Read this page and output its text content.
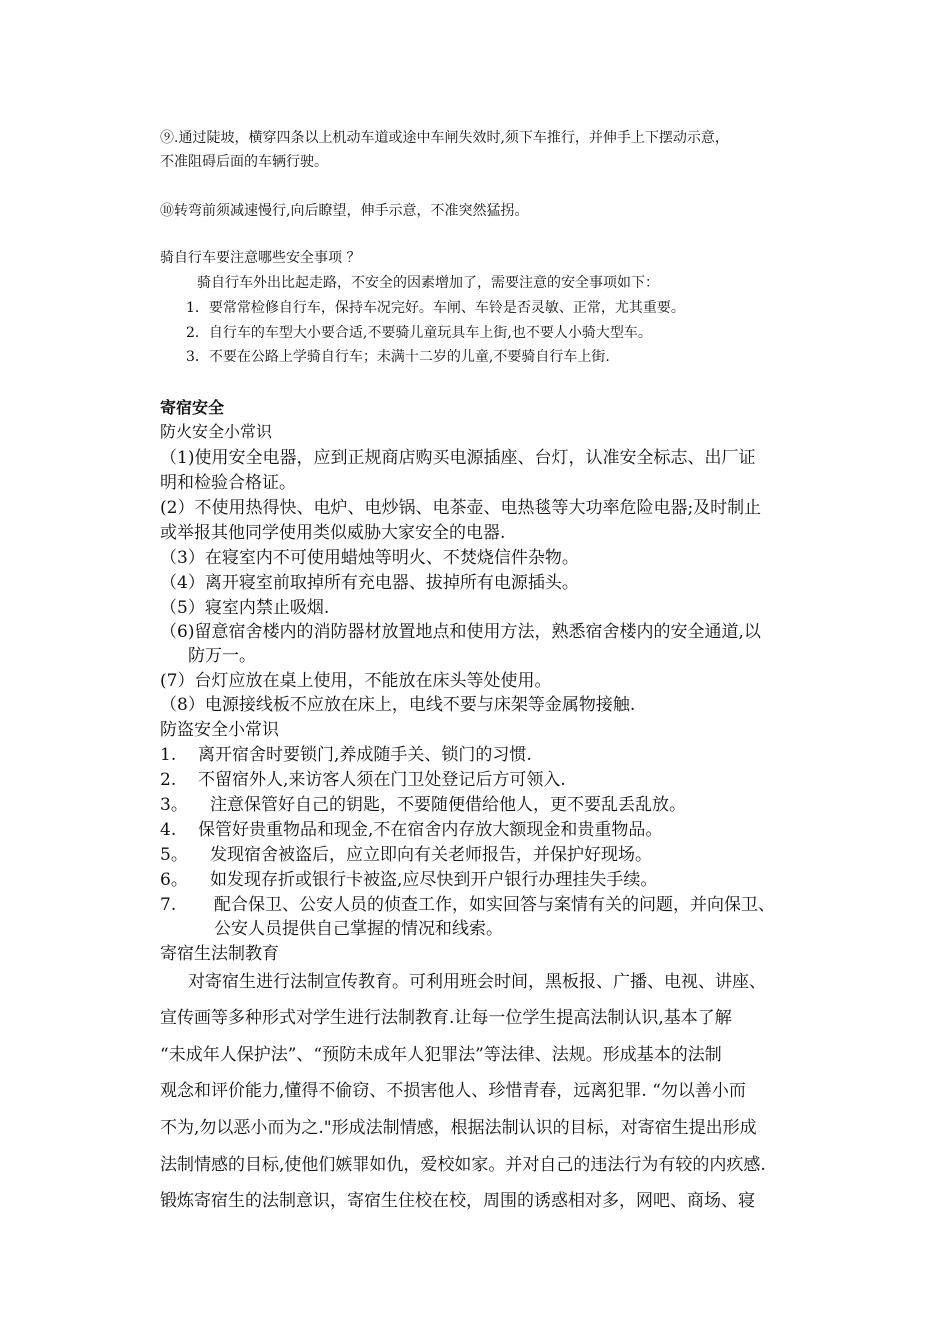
⑨.通过陡坡，横穿四条以上机动车道或途中车闸失效时,须下车推行，并伸手上下摆动示意，
不准阻碍后面的车辆行驶。
⑩转弯前须减速慢行,向后瞭望，伸手示意，不准突然猛拐。
骑自行车要注意哪些安全事项 ？
骑自行车外出比起走路，不安全的因素增加了，需要注意的安全事项如下：
1．要常常检修自行车，保持车况完好。车闸、车铃是否灵敏、正常，尤其重要。
2．自行车的车型大小要合适,不要骑儿童玩具车上街,也不要人小骑大型车。
3．不要在公路上学骑自行车；未满十二岁的儿童,不要骑自行车上街.
寄宿安全
防火安全小常识
（1)使用安全电器，应到正规商店购买电源插座、台灯，认准安全标志、出厂证
明和检验合格证。
(2）不使用热得快、电炉、电炒锅、电茶壶、电热毯等大功率危险电器;及时制止
或举报其他同学使用类似威胁大家安全的电器.
（3）在寝室内不可使用蜡烛等明火、不焚烧信件杂物。
（4）离开寝室前取掉所有充电器、拔掉所有电源插头。
（5）寝室内禁止吸烟.
（6)留意宿舍楼内的消防器材放置地点和使用方法，熟悉宿舍楼内的安全通道,以
防万一。
(7）台灯应放在桌上使用，不能放在床头等处使用。
（8）电源接线板不应放在床上，电线不要与床架等金属物接触.
防盗安全小常识
1. 离开宿舍时要锁门,养成随手关、锁门的习惯.
2. 不留宿外人,来访客人须在门卫处登记后方可领入.
3。 注意保管好自己的钥匙，不要随便借给他人，更不要乱丢乱放。
4. 保管好贵重物品和现金,不在宿舍内存放大额现金和贵重物品。
5。 发现宿舍被盗后，应立即向有关老师报告，并保护好现场。
6。 如发现存折或银行卡被盗,应尽快到开户银行办理挂失手续。
7. 配合保卫、公安人员的侦查工作，如实回答与案情有关的问题，并向保卫、
公安人员提供自己掌握的情况和线索。
寄宿生法制教育
对寄宿生进行法制宣传教育。可利用班会时间，黑板报、广播、电视、讲座、
宣传画等多种形式对学生进行法制教育.让每一位学生提高法制认识,基本了解
“未成年人保护法”、“预防未成年人犯罪法”等法律、法规。形成基本的法制
观念和评价能力,懂得不偷窃、不损害他人、珍惜青春，远离犯罪. “勿以善小而
不为,勿以恶小而为之."形成法制情感，根据法制认识的目标，对寄宿生提出形成
法制情感的目标,使他们嫉罪如仇，爱校如家。并对自己的违法行为有较的内疚感.
锻炼寄宿生的法制意识，寄宿生住校在校，周围的诱惑相对多，网吧、商场、寝
